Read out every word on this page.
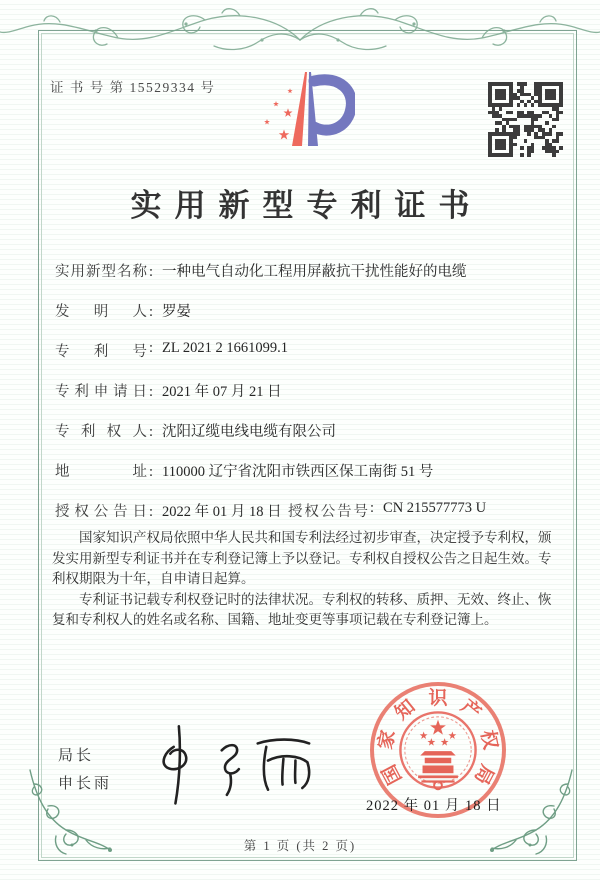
证 书 号 第 15529334 号
实用新型专利证书
实用新型名称 : 一种电气自动化工程用屏蔽抗干扰性能好的电缆
发明人 : 罗晏
专利号 : ZL 2021 2 1661099.1
专利申请日 : 2021 年 07 月 21 日
专利权人 : 沈阳辽缆电线电缆有限公司
地址 : 110000 辽宁省沈阳市铁西区保工南街 51 号
授权公告日 : 2022 年 01 月 18 日 授权公告号 : CN 215577773 U

国家知识产权局依照中华人民共和国专利法经过初步审查，决定授予专利权，颁发实用新型专利证书并在专利登记簿上予以登记。专利权自授权公告之日起生效。专利权期限为十年，自申请日起算。

专利证书记载专利权登记时的法律状况。专利权的转移、质押、无效、终止、恢复和专利权人的姓名或名称、国籍、地址变更等事项记载在专利登记簿上。

局长
申长雨	国
家
知 识 产
权
局
2022 年 01 月 18 日
第 1 页 (共 2 页)
